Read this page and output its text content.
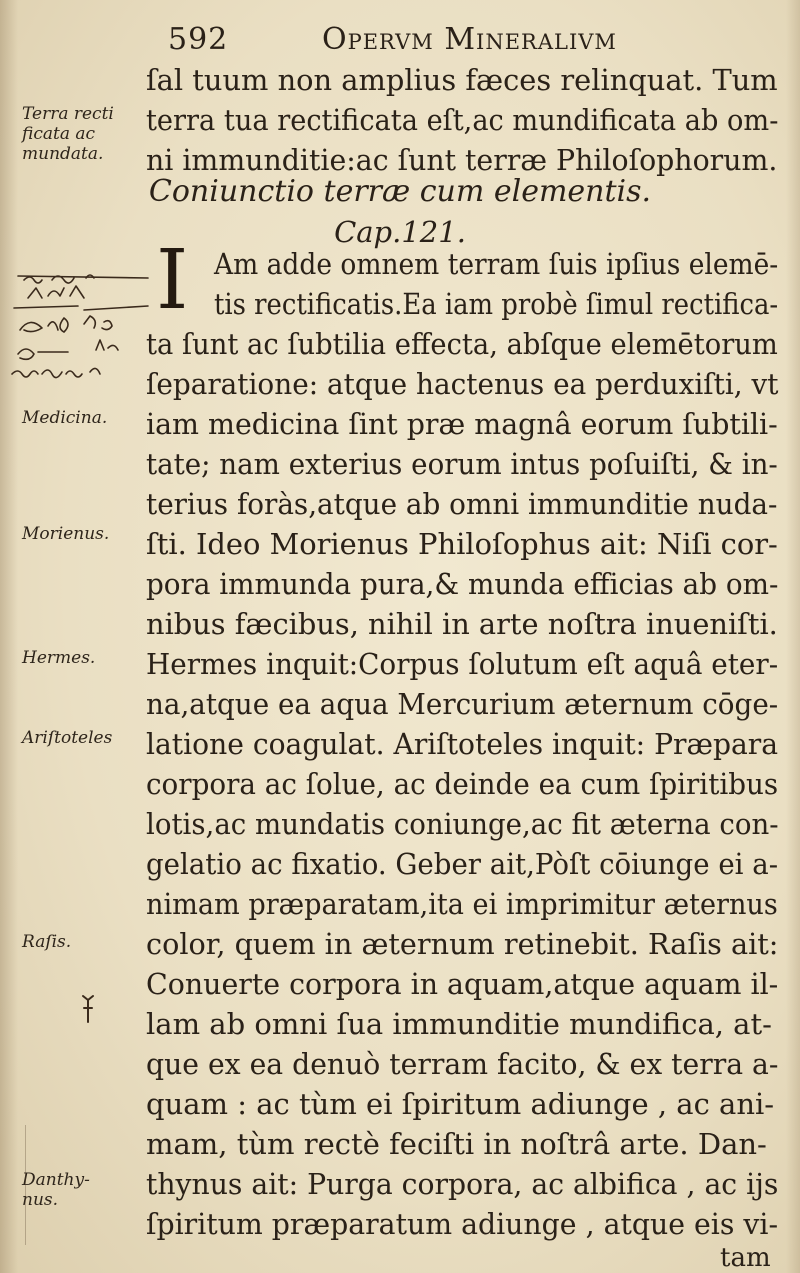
592	Opervm Mineralivm
ſal tuum non amplius fæces relinquat. Tum
terra tua rectificata eſt,ac mundificata ab om-
ni immunditie:ac ſunt terræ Philoſophorum.
Coniunctio terræ cum elementis.
Cap.121.
I Am adde omnem terram ſuis ipſius elemē-
tis rectificatis.Ea iam probè ſimul rectifica-
ta ſunt ac ſubtilia effecta, abſque elemētorum
ſeparatione: atque hactenus ea perduxiſti, vt
iam medicina ſint præ magnâ eorum ſubtili-
tate; nam exterius eorum intus poſuiſti, & in-
terius foràs,atque ab omni immunditie nuda-
ſti. Ideo Morienus Philoſophus ait: Niſi cor-
pora immunda pura,& munda efficias ab om-
nibus fæcibus, nihil in arte noſtra inueniſti.
Hermes inquit:Corpus ſolutum eſt aquâ eter-
na,atque ea aqua Mercurium æternum cōge-
latione coagulat. Ariſtoteles inquit: Præpara
corpora ac ſolue, ac deinde ea cum ſpiritibus
lotis,ac mundatis coniunge,ac fit æterna con-
gelatio ac fixatio. Geber ait,Pòſt cōiunge ei a-
nimam præparatam,ita ei imprimitur æternus
color, quem in æternum retinebit. Raſis ait:
Conuerte corpora in aquam,atque aquam il-
lam ab omni ſua immunditie mundifica, at-
que ex ea denuò terram facito, & ex terra a-
quam : ac tùm ei ſpiritum adiunge , ac ani-
mam, tùm rectè feciſti in noſtrâ arte. Dan-
thynus ait: Purga corpora, ac albifica , ac ijs
ſpiritum præparatum adiunge , atque eis vi-
tam
Terra recti
ficata ac
mundata.
Medicina.
Morienus.
Hermes.
Ariſtoteles
Raſis.
Danthy-
nus.
